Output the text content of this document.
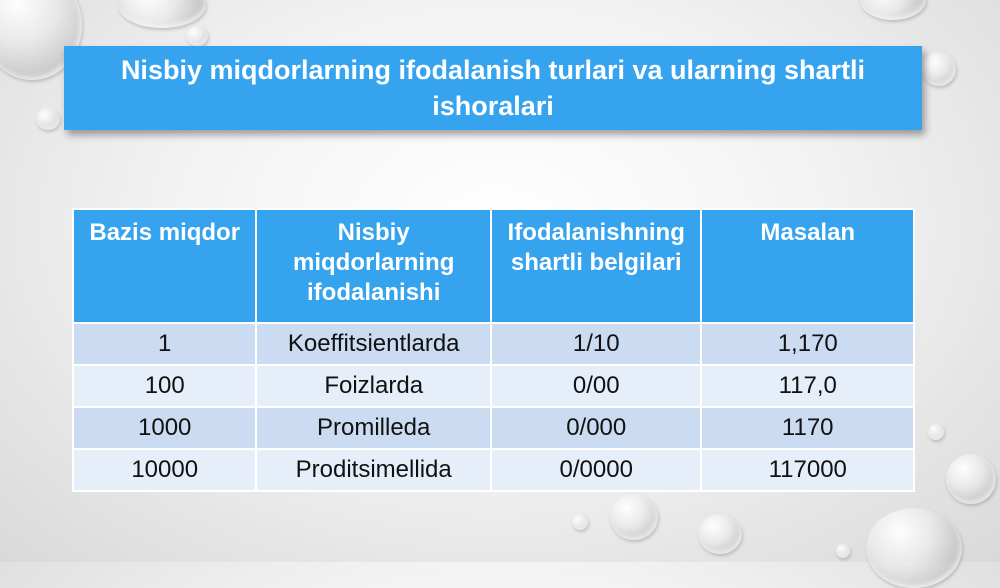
Nisbiy miqdorlarning ifodalanish turlari va ularning shartli ishoralari
Bazis miqdor	Nisbiy miqdorlarning ifodalanishi	Ifodalanishning shartli belgilari	Masalan
1	Koeffitsientlarda	1/10	1,170
100	Foizlarda	0/00	117,0
1000	Promilleda	0/000	1170
10000	Proditsimellida	0/0000	117000
